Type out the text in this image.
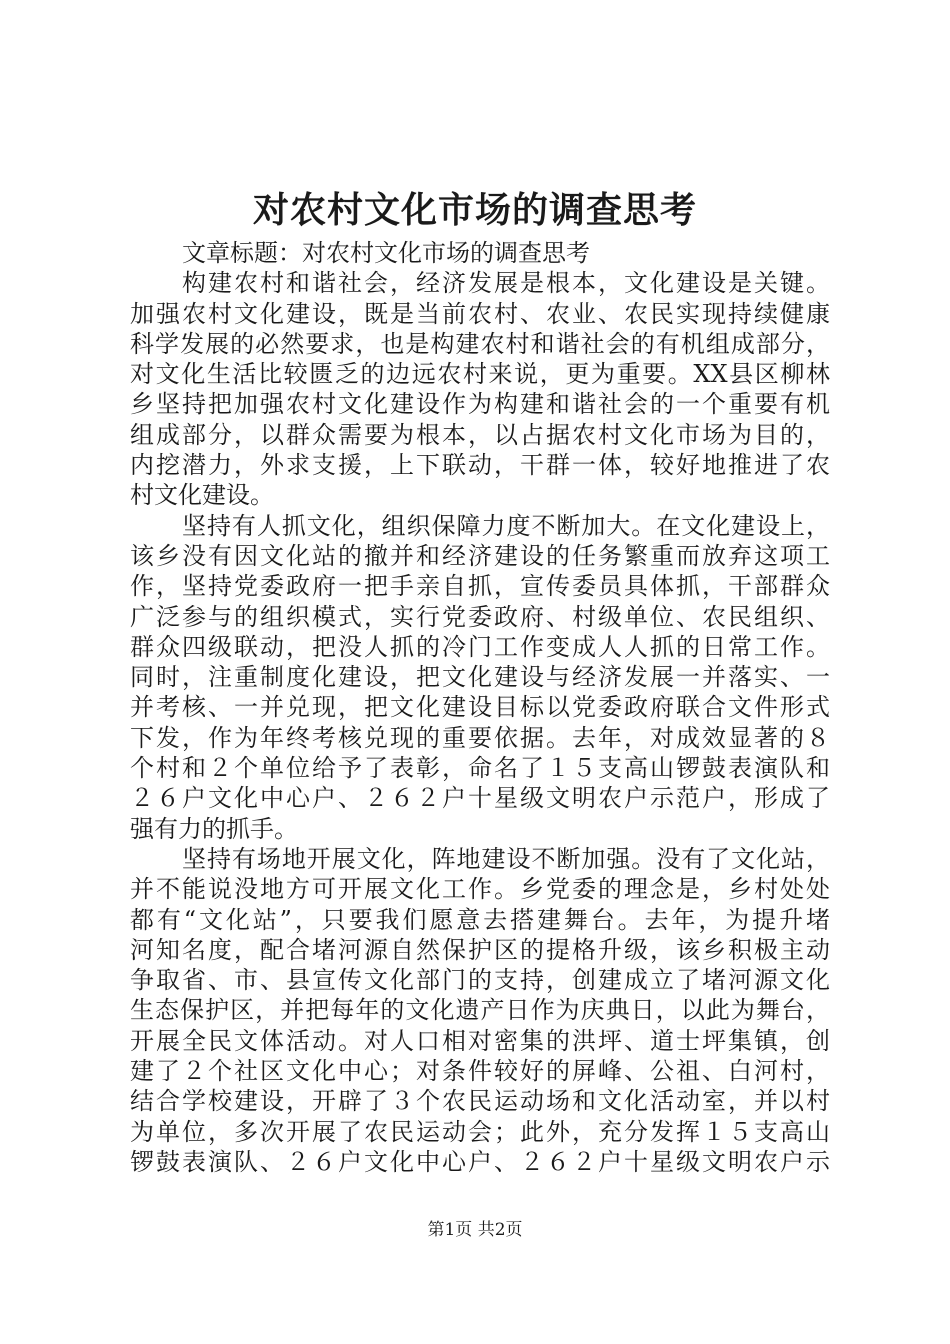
对农村文化市场的调查思考
文章标题：对农村文化市场的调查思考
构建农村和谐社会，经济发展是根本，文化建设是关键。
加强农村文化建设，既是当前农村、农业、农民实现持续健康
科学发展的必然要求，也是构建农村和谐社会的有机组成部分，
对文化生活比较匮乏的边远农村来说，更为重要。XX县区柳林
乡坚持把加强农村文化建设作为构建和谐社会的一个重要有机
组成部分，以群众需要为根本，以占据农村文化市场为目的，
内挖潜力，外求支援，上下联动，干群一体，较好地推进了农
村文化建设。
坚持有人抓文化，组织保障力度不断加大。在文化建设上，
该乡没有因文化站的撤并和经济建设的任务繁重而放弃这项工
作，坚持党委政府一把手亲自抓，宣传委员具体抓，干部群众
广泛参与的组织模式，实行党委政府、村级单位、农民组织、
群众四级联动，把没人抓的冷门工作变成人人抓的日常工作。
同时，注重制度化建设，把文化建设与经济发展一并落实、一
并考核、一并兑现，把文化建设目标以党委政府联合文件形式
下发，作为年终考核兑现的重要依据。去年，对成效显著的８
个村和２个单位给予了表彰，命名了１５支高山锣鼓表演队和
２６户文化中心户、２６２户十星级文明农户示范户，形成了
强有力的抓手。
坚持有场地开展文化，阵地建设不断加强。没有了文化站，
并不能说没地方可开展文化工作。乡党委的理念是，乡村处处
都有“文化站”，只要我们愿意去搭建舞台。去年，为提升堵
河知名度，配合堵河源自然保护区的提格升级，该乡积极主动
争取省、市、县宣传文化部门的支持，创建成立了堵河源文化
生态保护区，并把每年的文化遗产日作为庆典日，以此为舞台，
开展全民文体活动。对人口相对密集的洪坪、道士坪集镇，创
建了２个社区文化中心；对条件较好的屏峰、公祖、白河村，
结合学校建设，开辟了３个农民运动场和文化活动室，并以村
为单位，多次开展了农民运动会；此外，充分发挥１５支高山
锣鼓表演队、２６户文化中心户、２６２户十星级文明农户示
第1页 共2页
